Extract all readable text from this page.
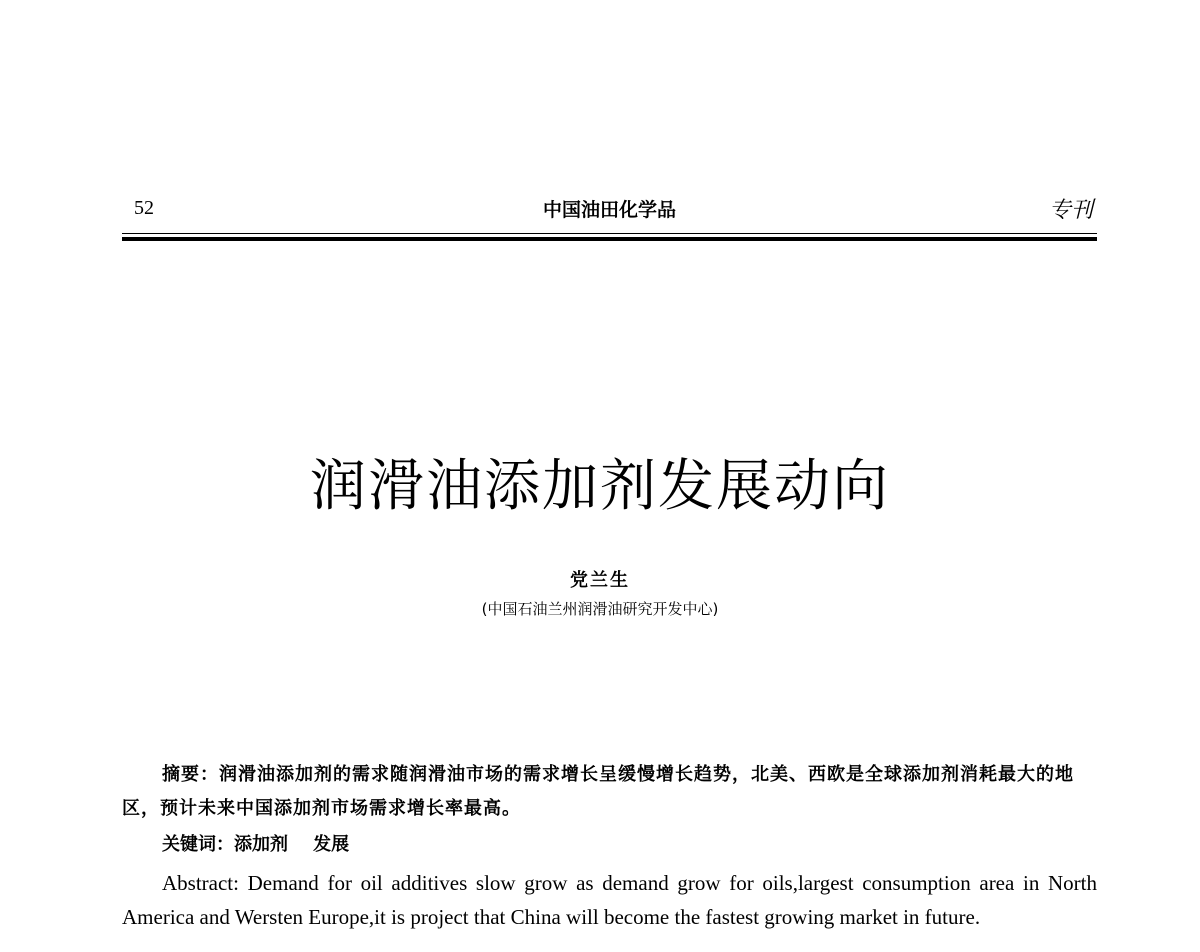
52	中国油田化学品	专刊
润滑油添加剂发展动向
党兰生
(中国石油兰州润滑油研究开发中心)

摘要：润滑油添加剂的需求随润滑油市场的需求增长呈缓慢增长趋势，北美、西欧是全球添加剂消耗最大的地区，预计未来中国添加剂市场需求增长率最高。

关键词：添加剂    发展

Abstract: Demand for oil additives slow grow as demand grow for oils,largest consumption area in North America and Wersten Europe,it is project that China will become the fastest growing market in future.
